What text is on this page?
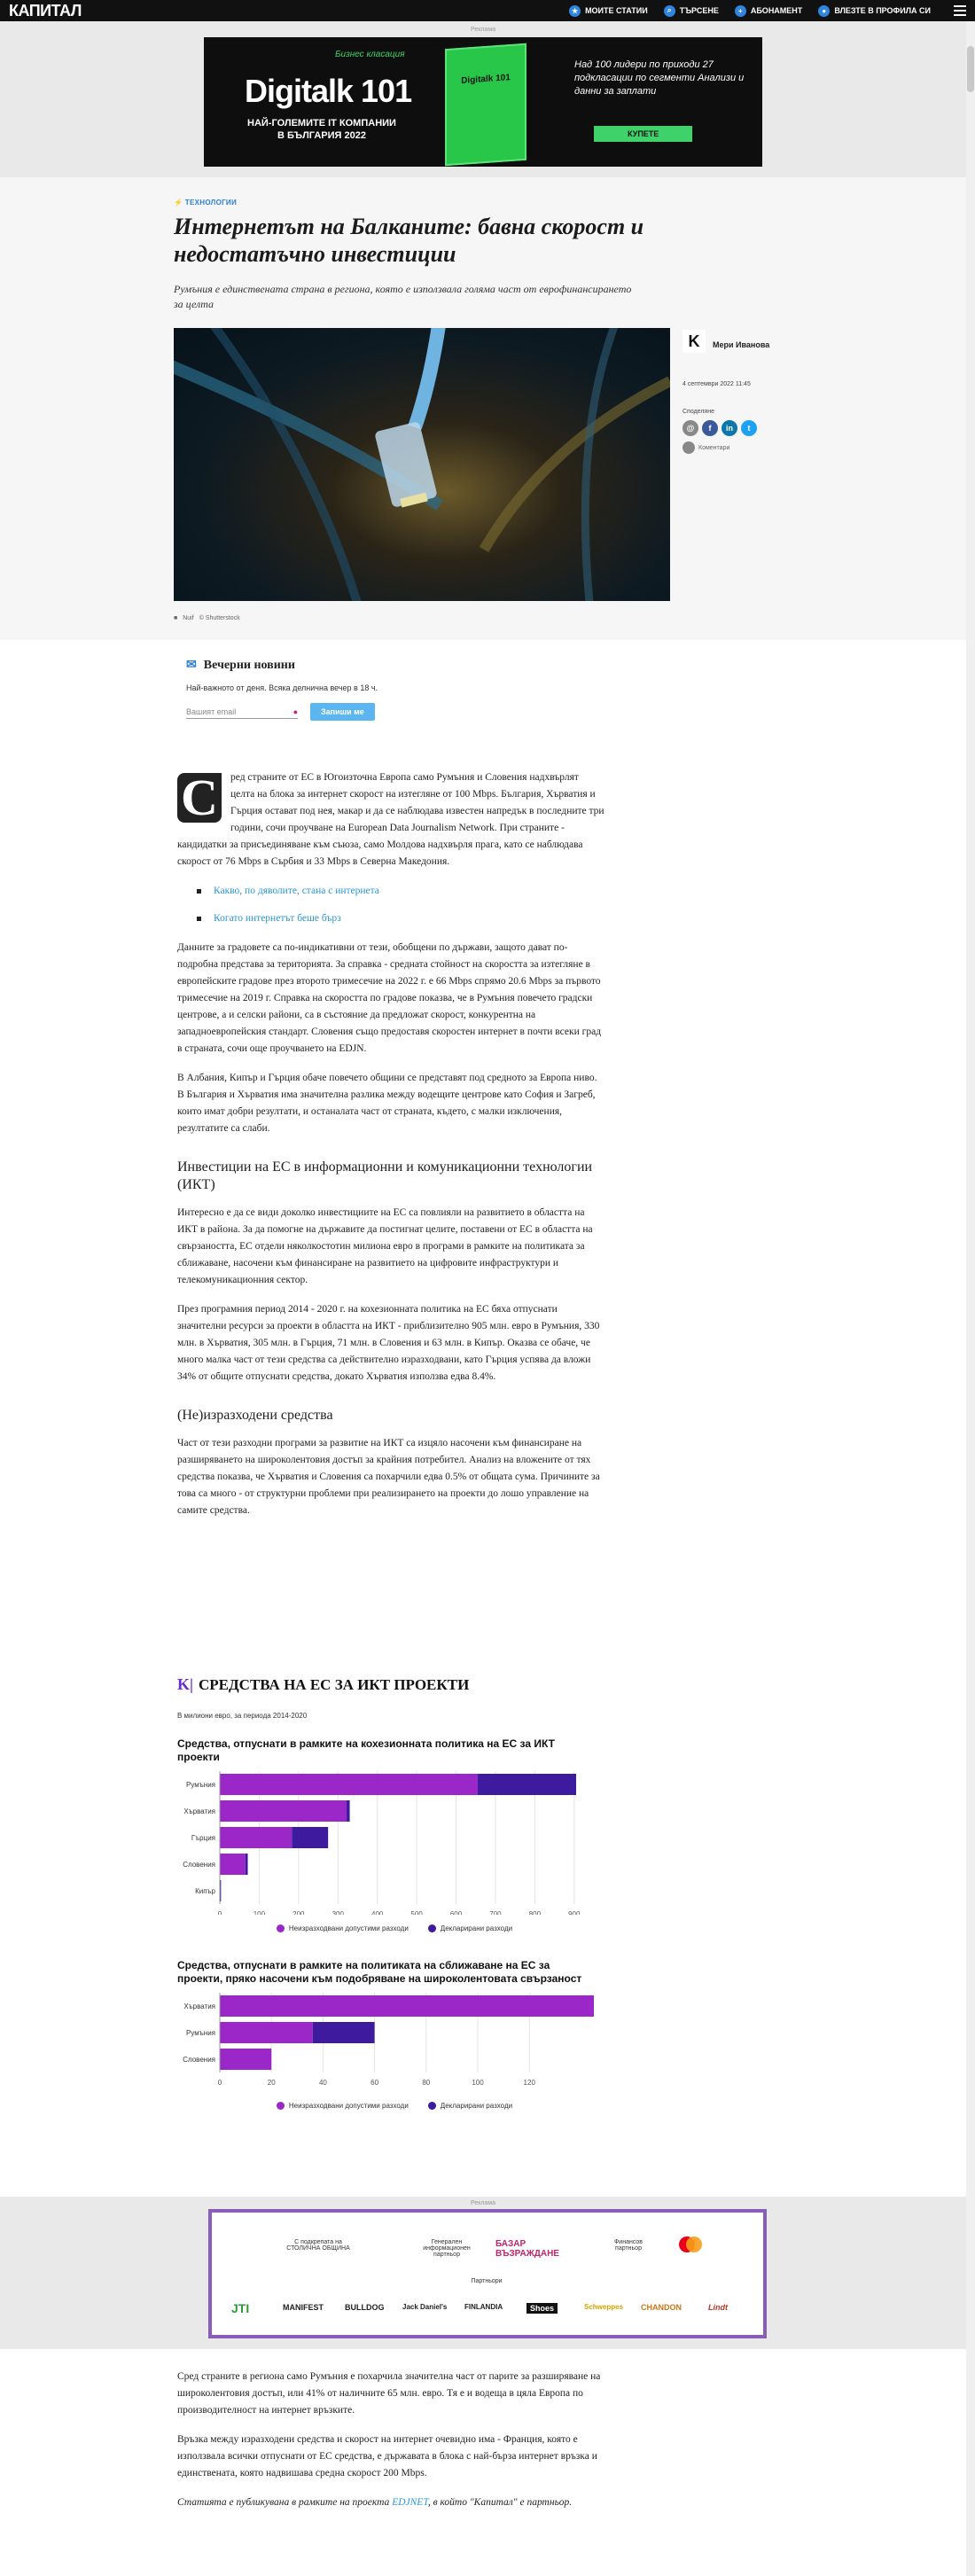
КАПИТАЛ	★ МОИТЕ СТАТИИ	⌕	ТЪРСЕНЕ	+	АБОНАМЕНТ	●	ВЛЕЗТЕ В ПРОФИЛА СИ
Реклама
Бизнес класация
Digitalk 101
НАЙ-ГОЛЕМИТЕ IT КОМПАНИИ В БЪЛГАРИЯ 2022
Digitalk 101
Над 100 лидери по приходи 27 подкласации по сегменти Анализи и данни за заплати
КУПЕТЕ
⚡ ТЕХНОЛОГИИ
Интернетът на Балканите: бавна скорост и недостатъчно инвестиции
Румъния е единствената страна в региона, която е използвала голяма част от еврофинансирането за целта
■ Nuif © Shutterstock
K	Мери Иванова
4 септември 2022 11:45
Споделяне
@	f	in	t
Коментари
✉ Вечерни новини
Най-важното от деня. Всяка делнична вечер в 18 ч.
Вашият email	●	Запиши ме

С	ред страните от ЕС в Югоизточна Европа само Румъния и Словения надхвърлят целта на блока за интернет скорост на изтегляне от 100 Mbps. България, Хърватия и Гърция остават под нея, макар и да се наблюдава известен напредък в последните три години, сочи проучване на European Data Journalism Network. При страните - кандидатки за присъединяване към съюза, само Молдова надхвърля прага, като се наблюдава скорост от 76 Mbps в Сърбия и 33 Mbps в Северна Македония.

Какво, по дяволите, стана с интернета
Когато интернетът беше бърз

Данните за градовете са по-индикативни от тези, обобщени по държави, защото дават по-подробна представа за територията. За справка - средната стойност на скоростта за изтегляне в европейските градове през второто тримесечие на 2022 г. е 66 Mbps спрямо 20.6 Mbps за първото тримесечие на 2019 г. Справка на скоростта по градове показва, че в Румъния повечето градски центрове, а и селски райони, са в състояние да предложат скорост, конкурентна на западноевропейския стандарт. Словения също предоставя скоростен интернет в почти всеки град в страната, сочи още проучването на EDJN.

В Албания, Кипър и Гърция обаче повечето общини се представят под средното за Европа ниво. В България и Хърватия има значителна разлика между водещите центрове като София и Загреб, които имат добри резултати, и останалата част от страната, където, с малки изключения, резултатите са слаби.

Инвестиции на ЕС в информационни и комуникационни технологии (ИКТ)

Интересно е да се види доколко инвестициите на ЕС са повлияли на развитието в областта на ИКТ в района. За да помогне на държавите да постигнат целите, поставени от ЕС в областта на свързаността, ЕС отдели няколкостотин милиона евро в програми в рамките на политиката за сближаване, насочени към финансиране на развитието на цифровите инфраструктури и телекомуникационния сектор.

През програмния период 2014 - 2020 г. на кохезионната политика на ЕС бяха отпуснати значителни ресурси за проекти в областта на ИКТ - приблизително 905 млн. евро в Румъния, 330 млн. в Хърватия, 305 млн. в Гърция, 71 млн. в Словения и 63 млн. в Кипър. Оказва се обаче, че много малка част от тези средства са действително изразходвани, като Гърция успява да вложи 34% от общите отпуснати средства, докато Хърватия използва едва 8.4%.

(Не)изразходени средства

Част от тези разходни програми за развитие на ИКТ са изцяло насочени към финансиране на разширяването на широколентовия достъп за крайния потребител. Анализ на вложените от тях средства показва, че Хърватия и Словения са похарчили едва 0.5% от общата сума. Причините за това са много - от структурни проблеми при реализирането на проекти до лошо управление на самите средства.

K| СРЕДСТВА НА ЕС ЗА ИКТ ПРОЕКТИ
В милиони евро, за периода 2014-2020
Средства, отпуснати в рамките на кохезионната политика на ЕС за ИКТ проекти
0	100	200	300	400	500	600	700	800	900
Румъния
Хърватия
Гърция
Словения
Кипър
Неизразходвани допустими разходи	Декларирани разходи
Средства, отпуснати в рамките на политиката на сближаване на ЕС за проекти, пряко насочени към подобряване на широколентовата свързаност
0	20	40	60	80	100	120
Хърватия
Румъния
Словения
Неизразходвани допустими разходи	Декларирани разходи
Реклама
С подкрепата на СТОЛИЧНА ОБЩИНА
Генерален информационен партньор
БАЗАР ВЪЗРАЖДАНЕ
Финансов партньор
Партньори
JTI	MANIFEST	BULLDOG	Jack Daniel's FINLANDIA	Shoes	Schweppes CHANDON	Lindt

Сред страните в региона само Румъния е похарчила значителна част от парите за разширяване на широколентовия достъп, или 41% от наличните 65 млн. евро. Тя е и водеща в цяла Европа по производителност на интернет връзките.

Връзка между изразходени средства и скорост на интернет очевидно има - Франция, която е използвала всички отпуснати от ЕС средства, е държавата в блока с най-бърза интернет връзка и единствената, която надвишава средна скорост 200 Mbps.

Статията е публикувана в рамките на проекта EDJNET, в който "Капитал" е партньор.
